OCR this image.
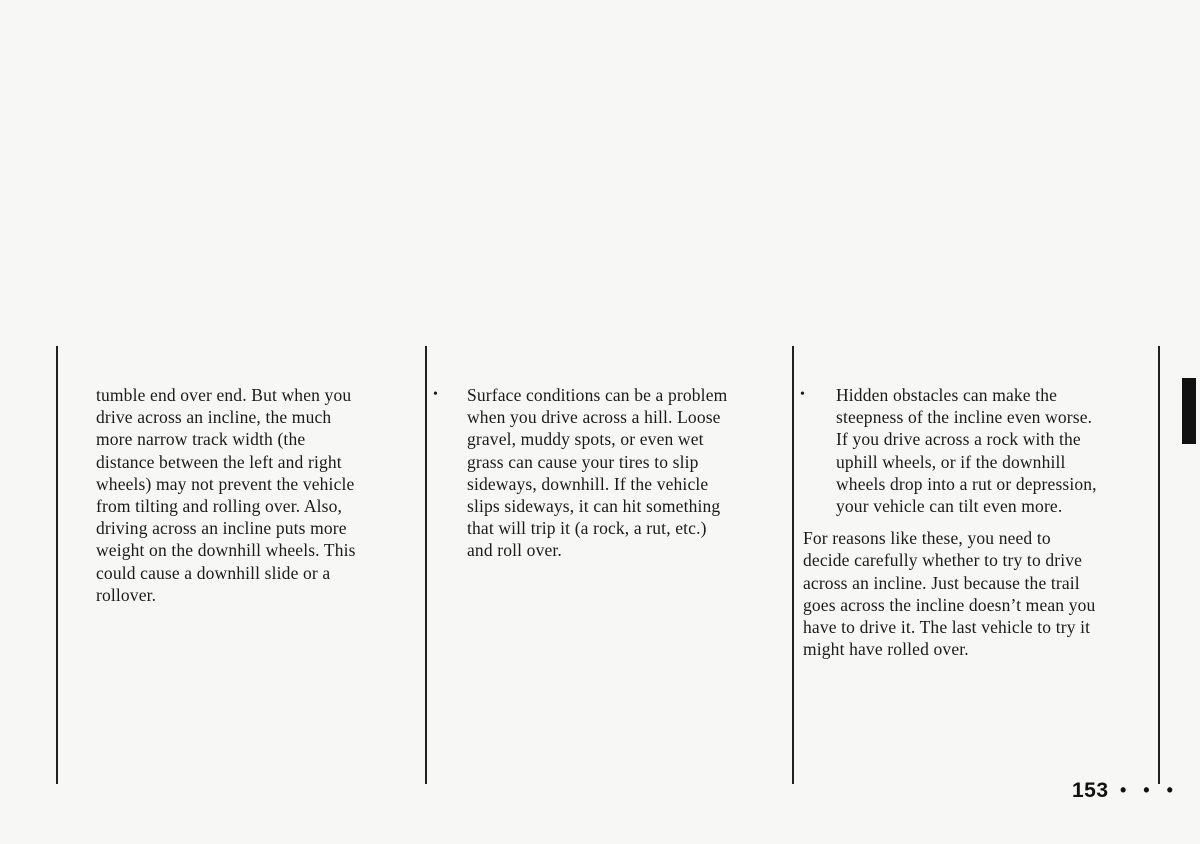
tumble end over end. But when you
drive across an incline, the much
more narrow track width (the
distance between the left and right
wheels) may not prevent the vehicle
from tilting and rolling over. Also,
driving across an incline puts more
weight on the downhill wheels. This
could cause a downhill slide or a
rollover.

• Surface conditions can be a problem
when you drive across a hill. Loose
gravel, muddy spots, or even wet
grass can cause your tires to slip
sideways, downhill. If the vehicle
slips sideways, it can hit something
that will trip it (a rock, a rut, etc.)
and roll over.

• Hidden obstacles can make the
steepness of the incline even worse.
If you drive across a rock with the
uphill wheels, or if the downhill
wheels drop into a rut or depression,
your vehicle can tilt even more.

For reasons like these, you need to
decide carefully whether to try to drive
across an incline. Just because the trail
goes across the incline doesn’t mean you
have to drive it. The last vehicle to try it
might have rolled over.

153 • • •
